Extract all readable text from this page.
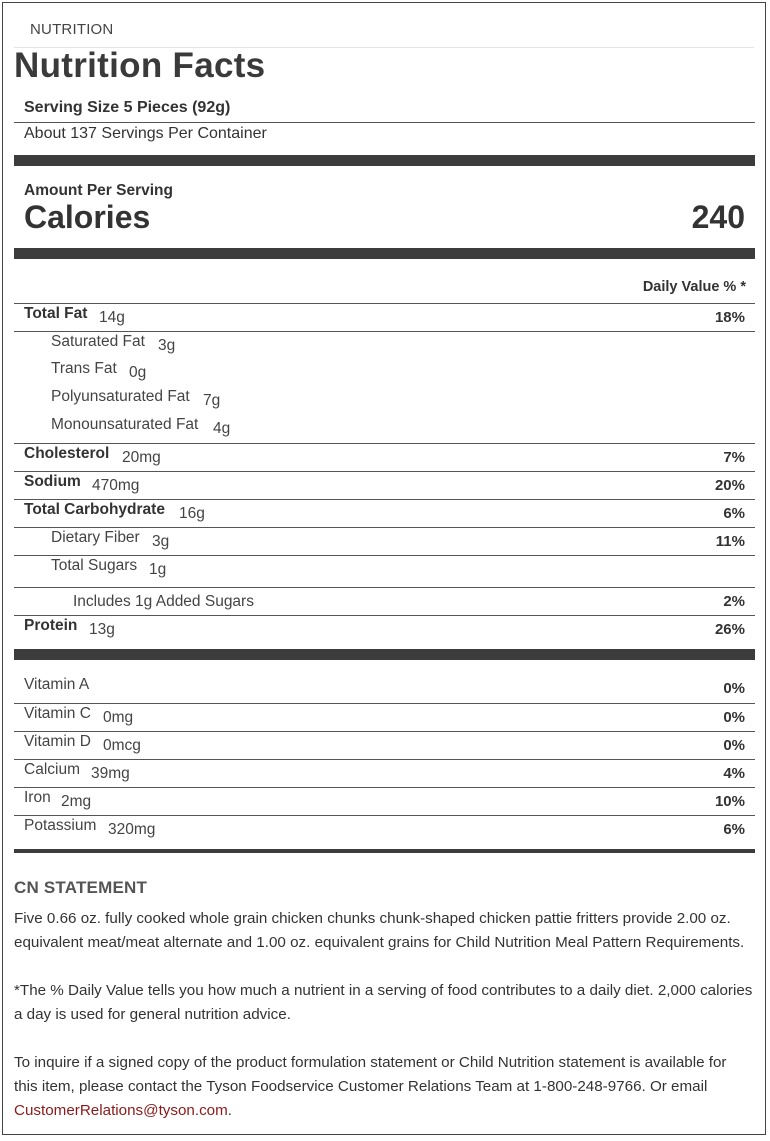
NUTRITION
Nutrition Facts
Serving Size 5 Pieces (92g)
About 137 Servings Per Container
Amount Per Serving
Calories	240
Daily Value % *
Total Fat 14g	18%
Saturated Fat 3g
Trans Fat 0g
Polyunsaturated Fat 7g
Monounsaturated Fat 4g
Cholesterol 20mg	7%
Sodium 470mg	20%
Total Carbohydrate 16g	6%
Dietary Fiber 3g	11%
Total Sugars 1g
Includes 1g Added Sugars	2%
Protein 13g	26%
Vitamin A	0%
Vitamin C 0mg	0%
Vitamin D 0mcg	0%
Calcium 39mg	4%
Iron 2mg	10%
Potassium 320mg	6%
CN STATEMENT
Five 0.66 oz. fully cooked whole grain chicken chunks chunk-shaped chicken pattie fritters provide 2.00 oz. equivalent meat/meat alternate and 1.00 oz. equivalent grains for Child Nutrition Meal Pattern Requirements.
*The % Daily Value tells you how much a nutrient in a serving of food contributes to a daily diet. 2,000 calories a day is used for general nutrition advice.
To inquire if a signed copy of the product formulation statement or Child Nutrition statement is available for this item, please contact the Tyson Foodservice Customer Relations Team at 1-800-248-9766. Or email CustomerRelations@tyson.com.
